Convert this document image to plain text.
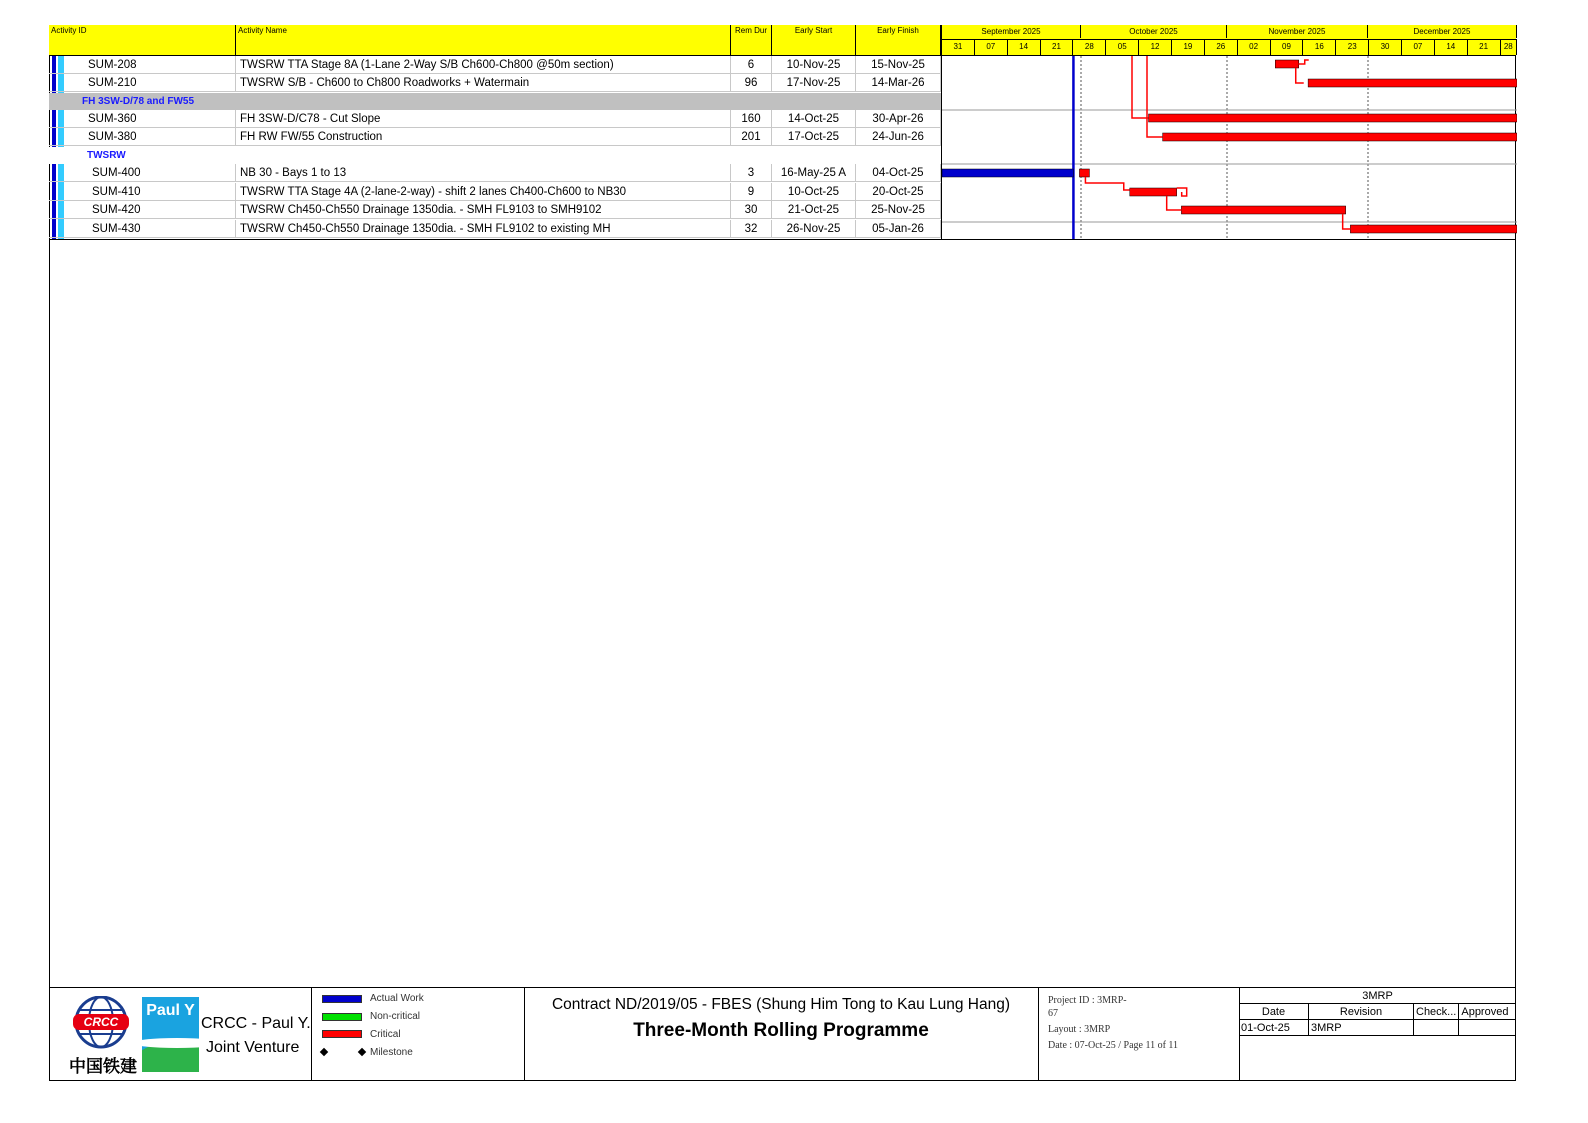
Activity ID	Activity Name	Rem Dur	Early Start	Early Finish	September 2025	October 2025	November 2025	December 2025
31	07	14	21	28	05	12	19	26	02	09	16	23	30	07	14	21	28
SUM-208	TWSRW TTA Stage 8A (1-Lane 2-Way S/B Ch600-Ch800 @50m section)	6	10-Nov-25	15-Nov-25
SUM-210	TWSRW S/B - Ch600 to Ch800 Roadworks + Watermain	96	17-Nov-25	14-Mar-26
FH 3SW-D/78 and FW55
SUM-360	FH 3SW-D/C78 - Cut Slope	160	14-Oct-25	30-Apr-26
SUM-380	FH RW FW/55 Construction	201	17-Oct-25	24-Jun-26
TWSRW
SUM-400	NB 30 - Bays 1 to 13	3	16-May-25 A	04-Oct-25
SUM-410	TWSRW TTA Stage 4A (2-lane-2-way) - shift 2 lanes Ch400-Ch600 to NB30	9	10-Oct-25	20-Oct-25
SUM-420	TWSRW Ch450-Ch550 Drainage 1350dia. - SMH FL9103 to SMH9102	30	21-Oct-25	25-Nov-25
SUM-430	TWSRW Ch450-Ch550 Drainage 1350dia. - SMH FL9102 to existing MH	32	26-Nov-25	05-Jan-26
CRCC
中国铁建
Paul Y
CRCC - Paul Y.
Joint Venture
Actual Work
Non-critical
Critical
Milestone
Contract ND/2019/05 - FBES (Shung Him Tong to Kau Lung Hang)
Three-Month Rolling Programme
Project ID : 3MRP-
67
Layout : 3MRP
Date : 07-Oct-25 / Page 11 of 11
3MRP			
Date	Revision	Check...	Approved
01-Oct-25	3MRP		
